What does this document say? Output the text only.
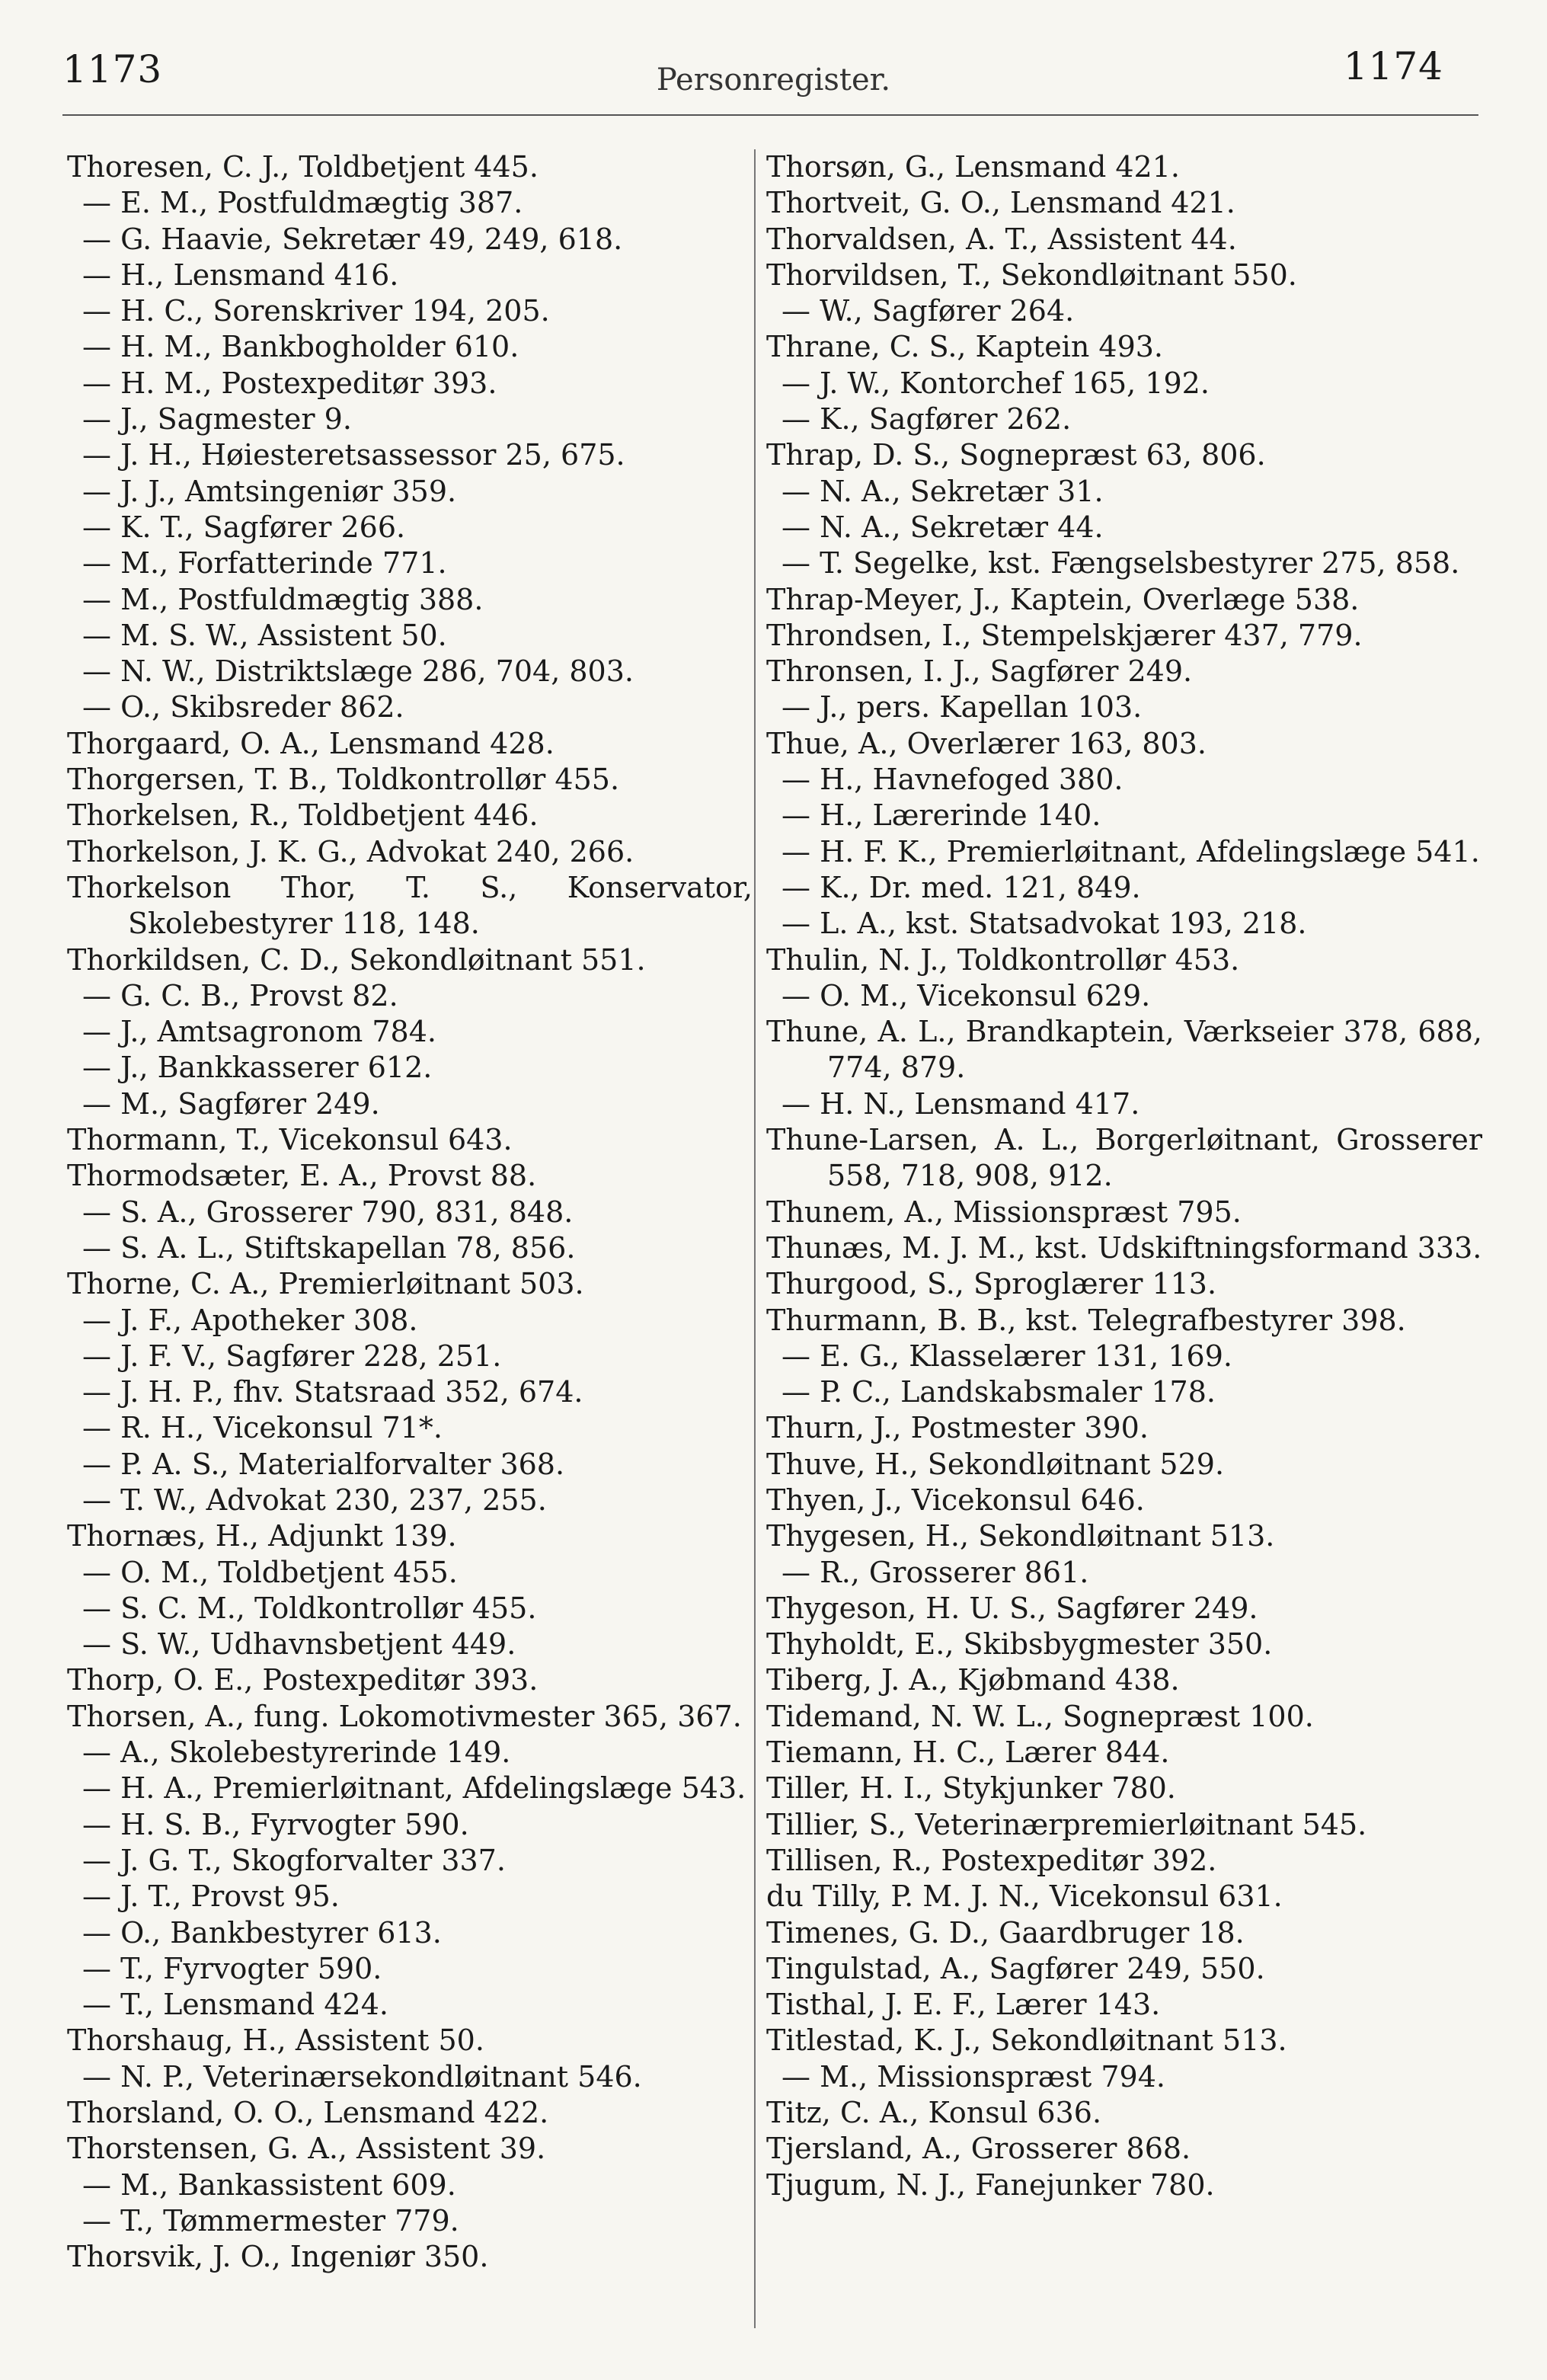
1173	Personregister.	1174
Thoresen, C. J., Toldbetjent 445.
— E. M., Postfuldmægtig 387.
— G. Haavie, Sekretær 49, 249, 618.
— H., Lensmand 416.
— H. C., Sorenskriver 194, 205.
— H. M., Bankbogholder 610.
— H. M., Postexpeditør 393.
— J., Sagmester 9.
— J. H., Høiesteretsassessor 25, 675.
— J. J., Amtsingeniør 359.
— K. T., Sagfører 266.
— M., Forfatterinde 771.
— M., Postfuldmægtig 388.
— M. S. W., Assistent 50.
— N. W., Distriktslæge 286, 704, 803.
— O., Skibsreder 862.
Thorgaard, O. A., Lensmand 428.
Thorgersen, T. B., Toldkontrollør 455.
Thorkelsen, R., Toldbetjent 446.
Thorkelson, J. K. G., Advokat 240, 266.
Thorkelson Thor, T. S., Konservator, Skolebestyrer 118, 148.
Thorkildsen, C. D., Sekondløitnant 551.
— G. C. B., Provst 82.
— J., Amtsagronom 784.
— J., Bankkasserer 612.
— M., Sagfører 249.
Thormann, T., Vicekonsul 643.
Thormodsæter, E. A., Provst 88.
— S. A., Grosserer 790, 831, 848.
— S. A. L., Stiftskapellan 78, 856.
Thorne, C. A., Premierløitnant 503.
— J. F., Apotheker 308.
— J. F. V., Sagfører 228, 251.
— J. H. P., fhv. Statsraad 352, 674.
— R. H., Vicekonsul 71*.
— P. A. S., Materialforvalter 368.
— T. W., Advokat 230, 237, 255.
Thornæs, H., Adjunkt 139.
— O. M., Toldbetjent 455.
— S. C. M., Toldkontrollør 455.
— S. W., Udhavnsbetjent 449.
Thorp, O. E., Postexpeditør 393.
Thorsen, A., fung. Lokomotivmester 365, 367.
— A., Skolebestyrerinde 149.
— H. A., Premierløitnant, Afdelingslæge 543.
— H. S. B., Fyrvogter 590.
— J. G. T., Skogforvalter 337.
— J. T., Provst 95.
— O., Bankbestyrer 613.
— T., Fyrvogter 590.
— T., Lensmand 424.
Thorshaug, H., Assistent 50.
— N. P., Veterinærsekondløitnant 546.
Thorsland, O. O., Lensmand 422.
Thorstensen, G. A., Assistent 39.
— M., Bankassistent 609.
— T., Tømmermester 779.
Thorsvik, J. O., Ingeniør 350.
Thorsøn, G., Lensmand 421.
Thortveit, G. O., Lensmand 421.
Thorvaldsen, A. T., Assistent 44.
Thorvildsen, T., Sekondløitnant 550.
— W., Sagfører 264.
Thrane, C. S., Kaptein 493.
— J. W., Kontorchef 165, 192.
— K., Sagfører 262.
Thrap, D. S., Sognepræst 63, 806.
— N. A., Sekretær 31.
— N. A., Sekretær 44.
— T. Segelke, kst. Fængselsbestyrer 275, 858.
Thrap-Meyer, J., Kaptein, Overlæge 538.
Throndsen, I., Stempelskjærer 437, 779.
Thronsen, I. J., Sagfører 249.
— J., pers. Kapellan 103.
Thue, A., Overlærer 163, 803.
— H., Havnefoged 380.
— H., Lærerinde 140.
— H. F. K., Premierløitnant, Afdelingslæge 541.
— K., Dr. med. 121, 849.
— L. A., kst. Statsadvokat 193, 218.
Thulin, N. J., Toldkontrollør 453.
— O. M., Vicekonsul 629.
Thune, A. L., Brandkaptein, Værkseier 378, 688, 774, 879.
— H. N., Lensmand 417.
Thune-Larsen, A. L., Borgerløitnant, Grosserer 558, 718, 908, 912.
Thunem, A., Missionspræst 795.
Thunæs, M. J. M., kst. Udskiftningsformand 333.
Thurgood, S., Sproglærer 113.
Thurmann, B. B., kst. Telegrafbestyrer 398.
— E. G., Klasselærer 131, 169.
— P. C., Landskabsmaler 178.
Thurn, J., Postmester 390.
Thuve, H., Sekondløitnant 529.
Thyen, J., Vicekonsul 646.
Thygesen, H., Sekondløitnant 513.
— R., Grosserer 861.
Thygeson, H. U. S., Sagfører 249.
Thyholdt, E., Skibsbygmester 350.
Tiberg, J. A., Kjøbmand 438.
Tidemand, N. W. L., Sognepræst 100.
Tiemann, H. C., Lærer 844.
Tiller, H. I., Stykjunker 780.
Tillier, S., Veterinærpremierløitnant 545.
Tillisen, R., Postexpeditør 392.
du Tilly, P. M. J. N., Vicekonsul 631.
Timenes, G. D., Gaardbruger 18.
Tingulstad, A., Sagfører 249, 550.
Tisthal, J. E. F., Lærer 143.
Titlestad, K. J., Sekondløitnant 513.
— M., Missionspræst 794.
Titz, C. A., Konsul 636.
Tjersland, A., Grosserer 868.
Tjugum, N. J., Fanejunker 780.
